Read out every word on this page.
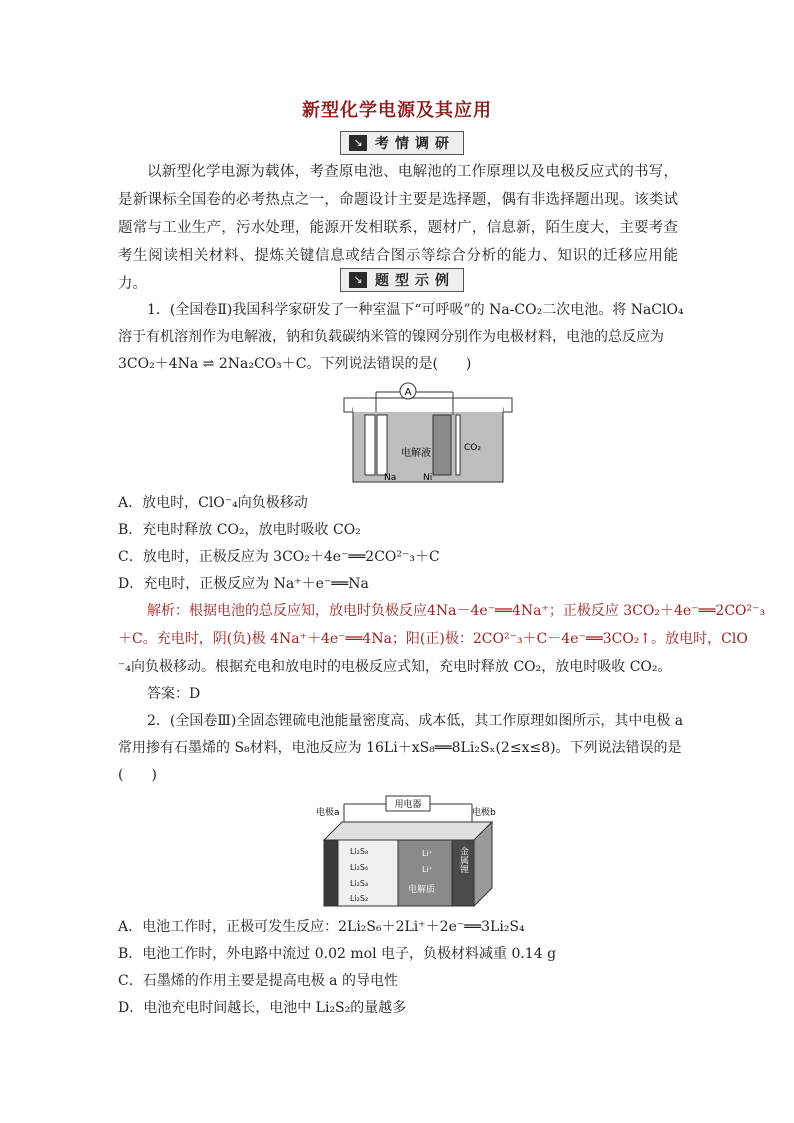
新型化学电源及其应用
↘ 考情调研
以新型化学电源为载体，考查原电池、电解池的工作原理以及电极反应式的书写，是新课标全国卷的必考热点之一，命题设计主要是选择题，偶有非选择题出现。该类试题常与工业生产，污水处理，能源开发相联系，题材广，信息新，陌生度大，主要考查考生阅读相关材料、提炼关键信息或结合图示等综合分析的能力、知识的迁移应用能力。	↘ 题型示例
1．(全国卷Ⅱ)我国科学家研发了一种室温下“可呼吸”的 Na-CO₂二次电池。将 NaClO₄
溶于有机溶剂作为电解液，钠和负载碳纳米管的镍网分别作为电极材料，电池的总反应为
3CO₂＋4Na ⇌ 2Na₂CO₃＋C。下列说法错误的是(　　)
A
电解液	CO₂
Na	Ni
A．放电时，ClO⁻₄向负极移动
B．充电时释放 CO₂，放电时吸收 CO₂
C．放电时，正极反应为 3CO₂＋4e⁻══2CO²⁻₃＋C
D．充电时，正极反应为 Na⁺＋e⁻══Na
解析：根据电池的总反应知，放电时负极反应4Na－4e⁻══4Na⁺；正极反应 3CO₂＋4e⁻══2CO²⁻₃
＋C。充电时，阴(负)极 4Na⁺＋4e⁻══4Na；阳(正)极：2CO²⁻₃＋C－4e⁻══3CO₂↑。放电时，ClO
⁻₄向负极移动。根据充电和放电时的电极反应式知，充电时释放 CO₂，放电时吸收 CO₂。
答案：D
2．(全国卷Ⅲ)全固态锂硫电池能量密度高、成本低，其工作原理如图所示，其中电极 a
常用掺有石墨烯的 S₈材料，电池反应为 16Li＋xS₈══8Li₂Sₓ(2≤x≤8)。下列说法错误的是
(　　)
电极a	电极b
用电器
Li₂S₈
Li₂S₆
Li₂S₄
Li₂S₂
Li⁺
Li⁺
电解质
金属锂
A．电池工作时，正极可发生反应：2Li₂S₆＋2Li⁺＋2e⁻══3Li₂S₄
B．电池工作时，外电路中流过 0.02 mol 电子，负极材料减重 0.14 g
C．石墨烯的作用主要是提高电极 a 的导电性
D．电池充电时间越长，电池中 Li₂S₂的量越多
